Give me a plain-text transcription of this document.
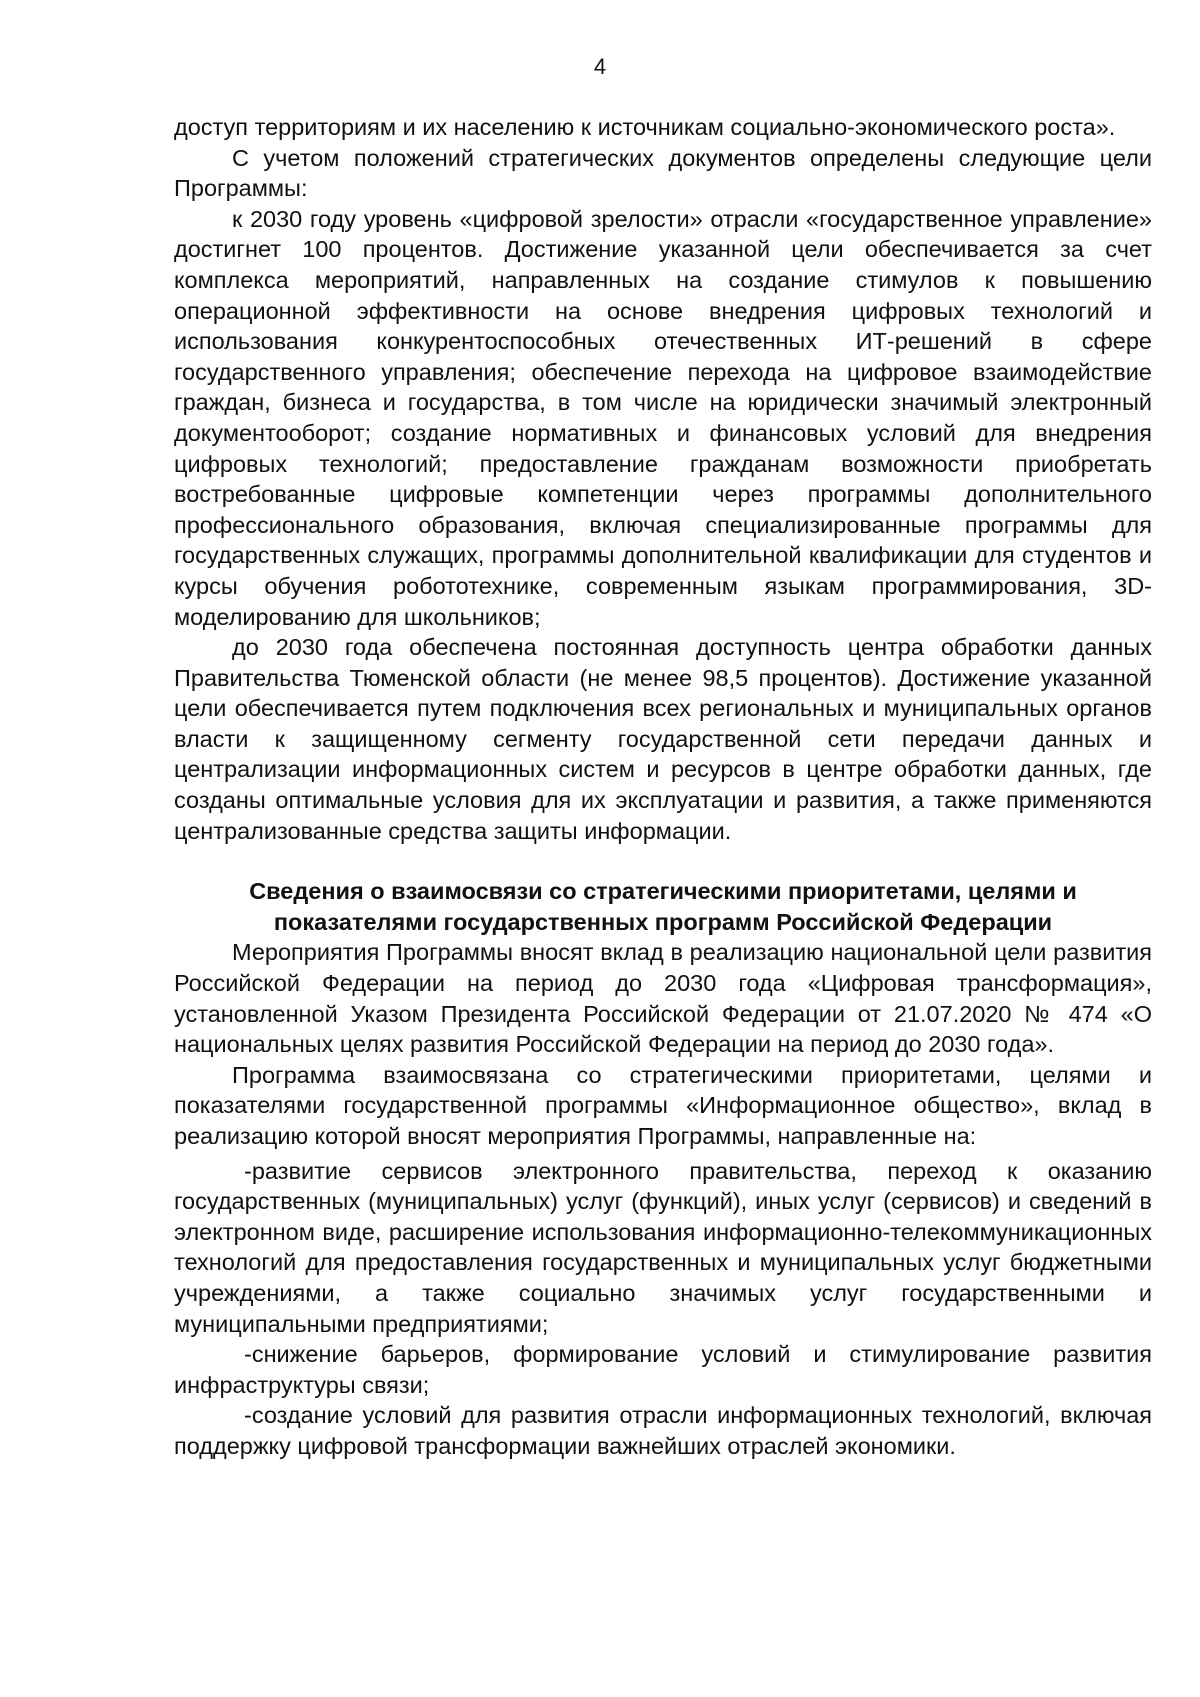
4

доступ территориям и их населению к источникам социально-экономического роста».

С учетом положений стратегических документов определены следующие цели Программы:

к 2030 году уровень «цифровой зрелости» отрасли «государственное управление» достигнет 100 процентов. Достижение указанной цели обеспечивается за счет комплекса мероприятий, направленных на создание стимулов к повышению операционной эффективности на основе внедрения цифровых технологий и использования конкурентоспособных отечественных ИТ-решений в сфере государственного управления; обеспечение перехода на цифровое взаимодействие граждан, бизнеса и государства, в том числе на юридически значимый электронный документооборот; создание нормативных и финансовых условий для внедрения цифровых технологий; предоставление гражданам возможности приобретать востребованные цифровые компетенции через программы дополнительного профессионального образования, включая специализированные программы для государственных служащих, программы дополнительной квалификации для студентов и курсы обучения робототехнике, современным языкам программирования, 3D-моделированию для школьников;

до 2030 года обеспечена постоянная доступность центра обработки данных Правительства Тюменской области (не менее 98,5 процентов). Достижение указанной цели обеспечивается путем подключения всех региональных и муниципальных органов власти к защищенному сегменту государственной сети передачи данных и централизации информационных систем и ресурсов в центре обработки данных, где созданы оптимальные условия для их эксплуатации и развития, а также применяются централизованные средства защиты информации.

Сведения о взаимосвязи со стратегическими приоритетами, целями и показателями государственных программ Российской Федерации

Мероприятия Программы вносят вклад в реализацию национальной цели развития Российской Федерации на период до 2030 года «Цифровая трансформация», установленной Указом Президента Российской Федерации от 21.07.2020 № 474 «О национальных целях развития Российской Федерации на период до 2030 года».

Программа взаимосвязана со стратегическими приоритетами, целями и показателями государственной программы «Информационное общество», вклад в реализацию которой вносят мероприятия Программы, направленные на:

-развитие сервисов электронного правительства, переход к оказанию государственных (муниципальных) услуг (функций), иных услуг (сервисов) и сведений в электронном виде, расширение использования информационно-телекоммуникационных технологий для предоставления государственных и муниципальных услуг бюджетными учреждениями, а также социально значимых услуг государственными и муниципальными предприятиями;

-снижение барьеров, формирование условий и стимулирование развития инфраструктуры связи;

-создание условий для развития отрасли информационных технологий, включая поддержку цифровой трансформации важнейших отраслей экономики.
